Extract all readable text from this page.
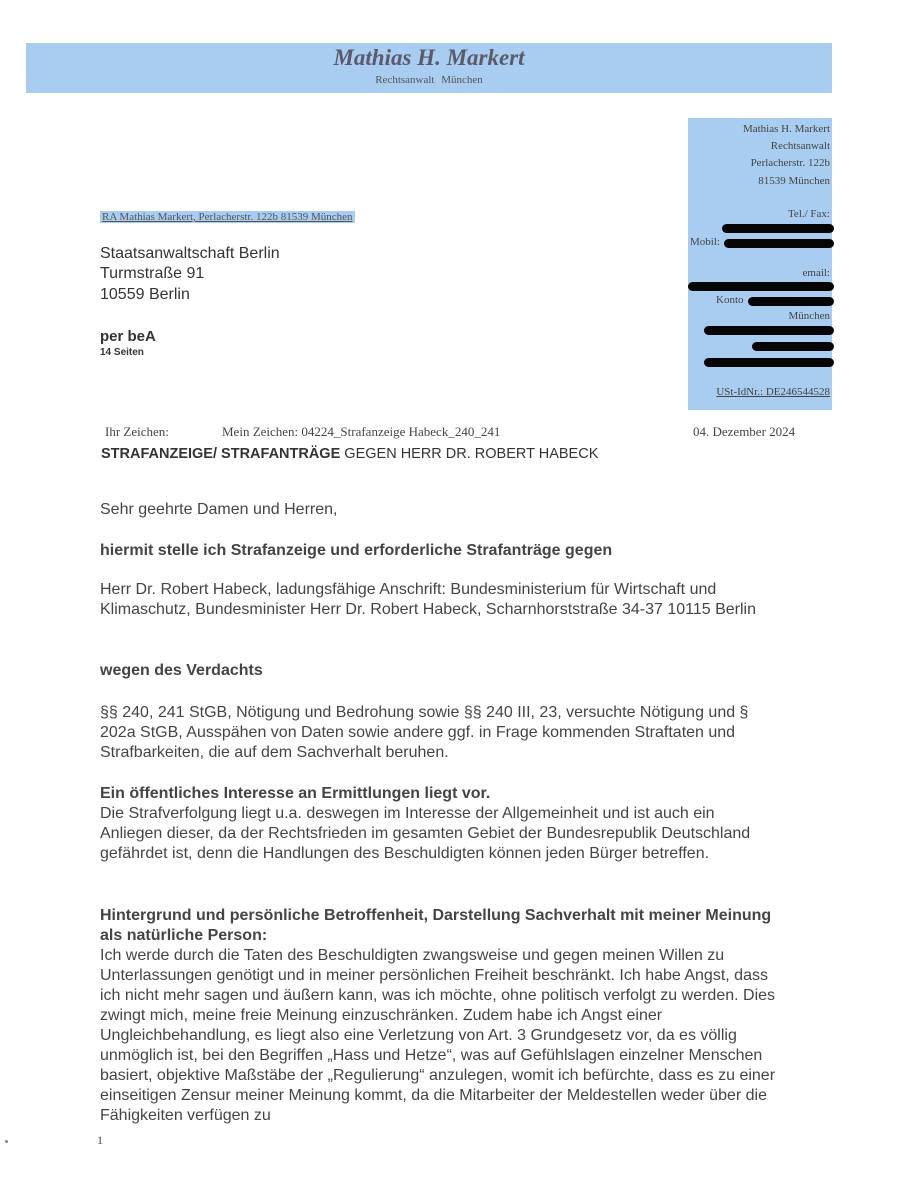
Mathias H. Markert
Rechtsanwalt München
Mathias H. Markert
Rechtsanwalt
Perlacherstr. 122b
81539 München
Tel./ Fax:
Mobil:
email:
Konto
München
USt-IdNr.: DE246544528
RA Mathias Markert, Perlacherstr. 122b 81539 München
Staatsanwaltschaft Berlin
Turmstraße 91
10559 Berlin
per beA
14 Seiten
Ihr Zeichen:	Mein Zeichen: 04224_Strafanzeige Habeck_240_241	04. Dezember 2024
STRAFANZEIGE/ STRAFANTRÄGE GEGEN HERR DR. ROBERT HABECK
Sehr geehrte Damen und Herren,
hiermit stelle ich Strafanzeige und erforderliche Strafanträge gegen
Herr Dr. Robert Habeck, ladungsfähige Anschrift: Bundesministerium für Wirtschaft und Klimaschutz, Bundesminister Herr Dr. Robert Habeck, Scharnhorststraße 34-37 10115 Berlin
wegen des Verdachts
§§ 240, 241 StGB, Nötigung und Bedrohung sowie §§ 240 III, 23, versuchte Nötigung und § 202a StGB, Ausspähen von Daten sowie andere ggf. in Frage kommenden Straftaten und Strafbarkeiten, die auf dem Sachverhalt beruhen.
Ein öffentliches Interesse an Ermittlungen liegt vor.
Die Strafverfolgung liegt u.a. deswegen im Interesse der Allgemeinheit und ist auch ein Anliegen dieser, da der Rechtsfrieden im gesamten Gebiet der Bundesrepublik Deutschland gefährdet ist, denn die Handlungen des Beschuldigten können jeden Bürger betreffen.
Hintergrund und persönliche Betroffenheit, Darstellung Sachverhalt mit meiner Meinung als natürliche Person:
Ich werde durch die Taten des Beschuldigten zwangsweise und gegen meinen Willen zu Unterlassungen genötigt und in meiner persönlichen Freiheit beschränkt. Ich habe Angst, dass ich nicht mehr sagen und äußern kann, was ich möchte, ohne politisch verfolgt zu werden. Dies zwingt mich, meine freie Meinung einzuschränken. Zudem habe ich Angst einer Ungleichbehandlung, es liegt also eine Verletzung von Art. 3 Grundgesetz vor, da es völlig unmöglich ist, bei den Begriffen „Hass und Hetze“, was auf Gefühlslagen einzelner Menschen basiert, objektive Maßstäbe der „Regulierung“ anzulegen, womit ich befürchte, dass es zu einer einseitigen Zensur meiner Meinung kommt, da die Mitarbeiter der Meldestellen weder über die Fähigkeiten verfügen zu
1
